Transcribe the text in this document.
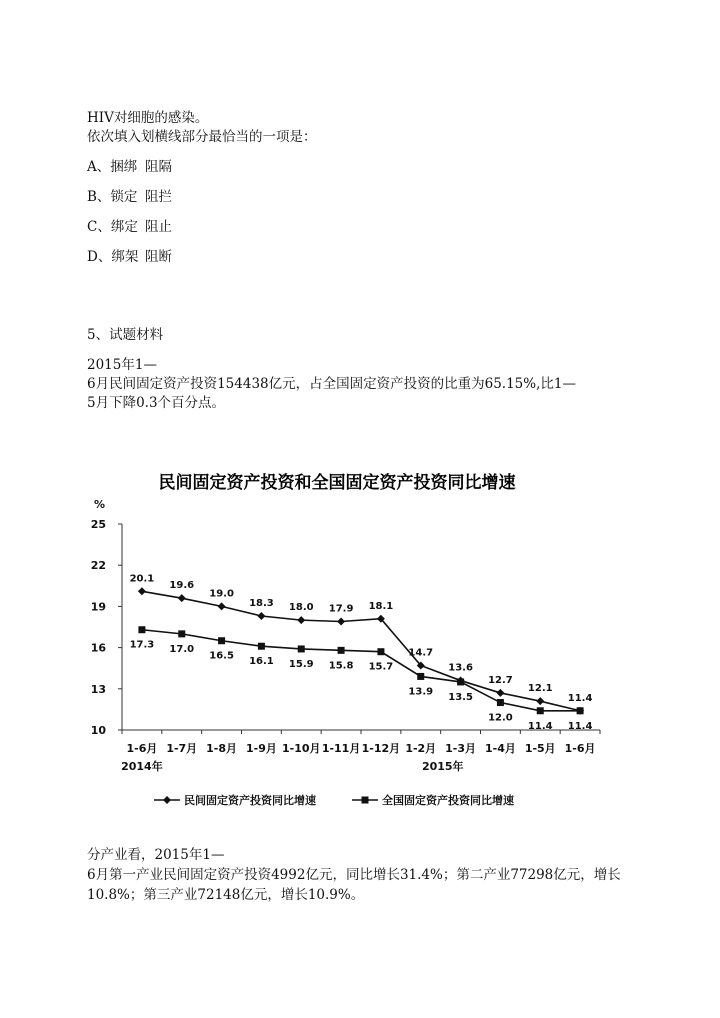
HIV对细胞的感染。
依次填入划横线部分最恰当的一项是：
A、捆绑 阻隔
B、锁定 阻拦
C、绑定 阻止
D、绑架 阻断
5、试题材料
2015年1—
6月民间固定资产投资154438亿元，占全国固定资产投资的比重为65.15%,比1—
5月下降0.3个百分点。
民间固定资产投资和全国固定资产投资同比增速
%
10
13
16
19
22
25
1-6月 1-7月 1-8月 1-9月 1-10月 1-11月 1-12月 1-2月 1-3月 1-4月 1-5月 1-6月
2014年	2015年
20.1
19.6
19.0
18.3 18.0 17.9 18.1
14.7
13.6
12.7
12.1
11.4
17.3 17.0
16.5 16.1 15.9 15.8 15.7
13.9 13.5
12.0
11.4 11.4
民间固定资产投资同比增速	全国固定资产投资同比增速
分产业看，2015年1—
6月第一产业民间固定资产投资4992亿元，同比增长31.4%；第二产业77298亿元，增长
10.8%；第三产业72148亿元，增长10.9%。
